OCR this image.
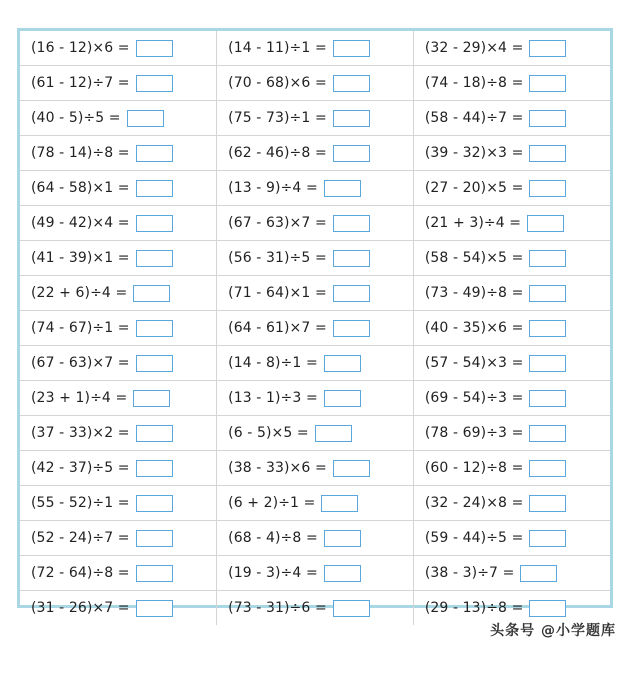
(16 - 12)×6 =	(14 - 11)÷1 =	(32 - 29)×4 =
(61 - 12)÷7 =	(70 - 68)×6 =	(74 - 18)÷8 =
(40 - 5)÷5 =	(75 - 73)÷1 =	(58 - 44)÷7 =
(78 - 14)÷8 =	(62 - 46)÷8 =	(39 - 32)×3 =
(64 - 58)×1 =	(13 - 9)÷4 =	(27 - 20)×5 =
(49 - 42)×4 =	(67 - 63)×7 =	(21 + 3)÷4 =
(41 - 39)×1 =	(56 - 31)÷5 =	(58 - 54)×5 =
(22 + 6)÷4 =	(71 - 64)×1 =	(73 - 49)÷8 =
(74 - 67)÷1 =	(64 - 61)×7 =	(40 - 35)×6 =
(67 - 63)×7 =	(14 - 8)÷1 =	(57 - 54)×3 =
(23 + 1)÷4 =	(13 - 1)÷3 =	(69 - 54)÷3 =
(37 - 33)×2 =	(6 - 5)×5 =	(78 - 69)÷3 =
(42 - 37)÷5 =	(38 - 33)×6 =	(60 - 12)÷8 =
(55 - 52)÷1 =	(6 + 2)÷1 =	(32 - 24)×8 =
(52 - 24)÷7 =	(68 - 4)÷8 =	(59 - 44)÷5 =
(72 - 64)÷8 =	(19 - 3)÷4 =	(38 - 3)÷7 =
(31 - 26)×7 =	(73 - 31)÷6 =	(29 - 13)÷8 =
头条号 @小学题库
